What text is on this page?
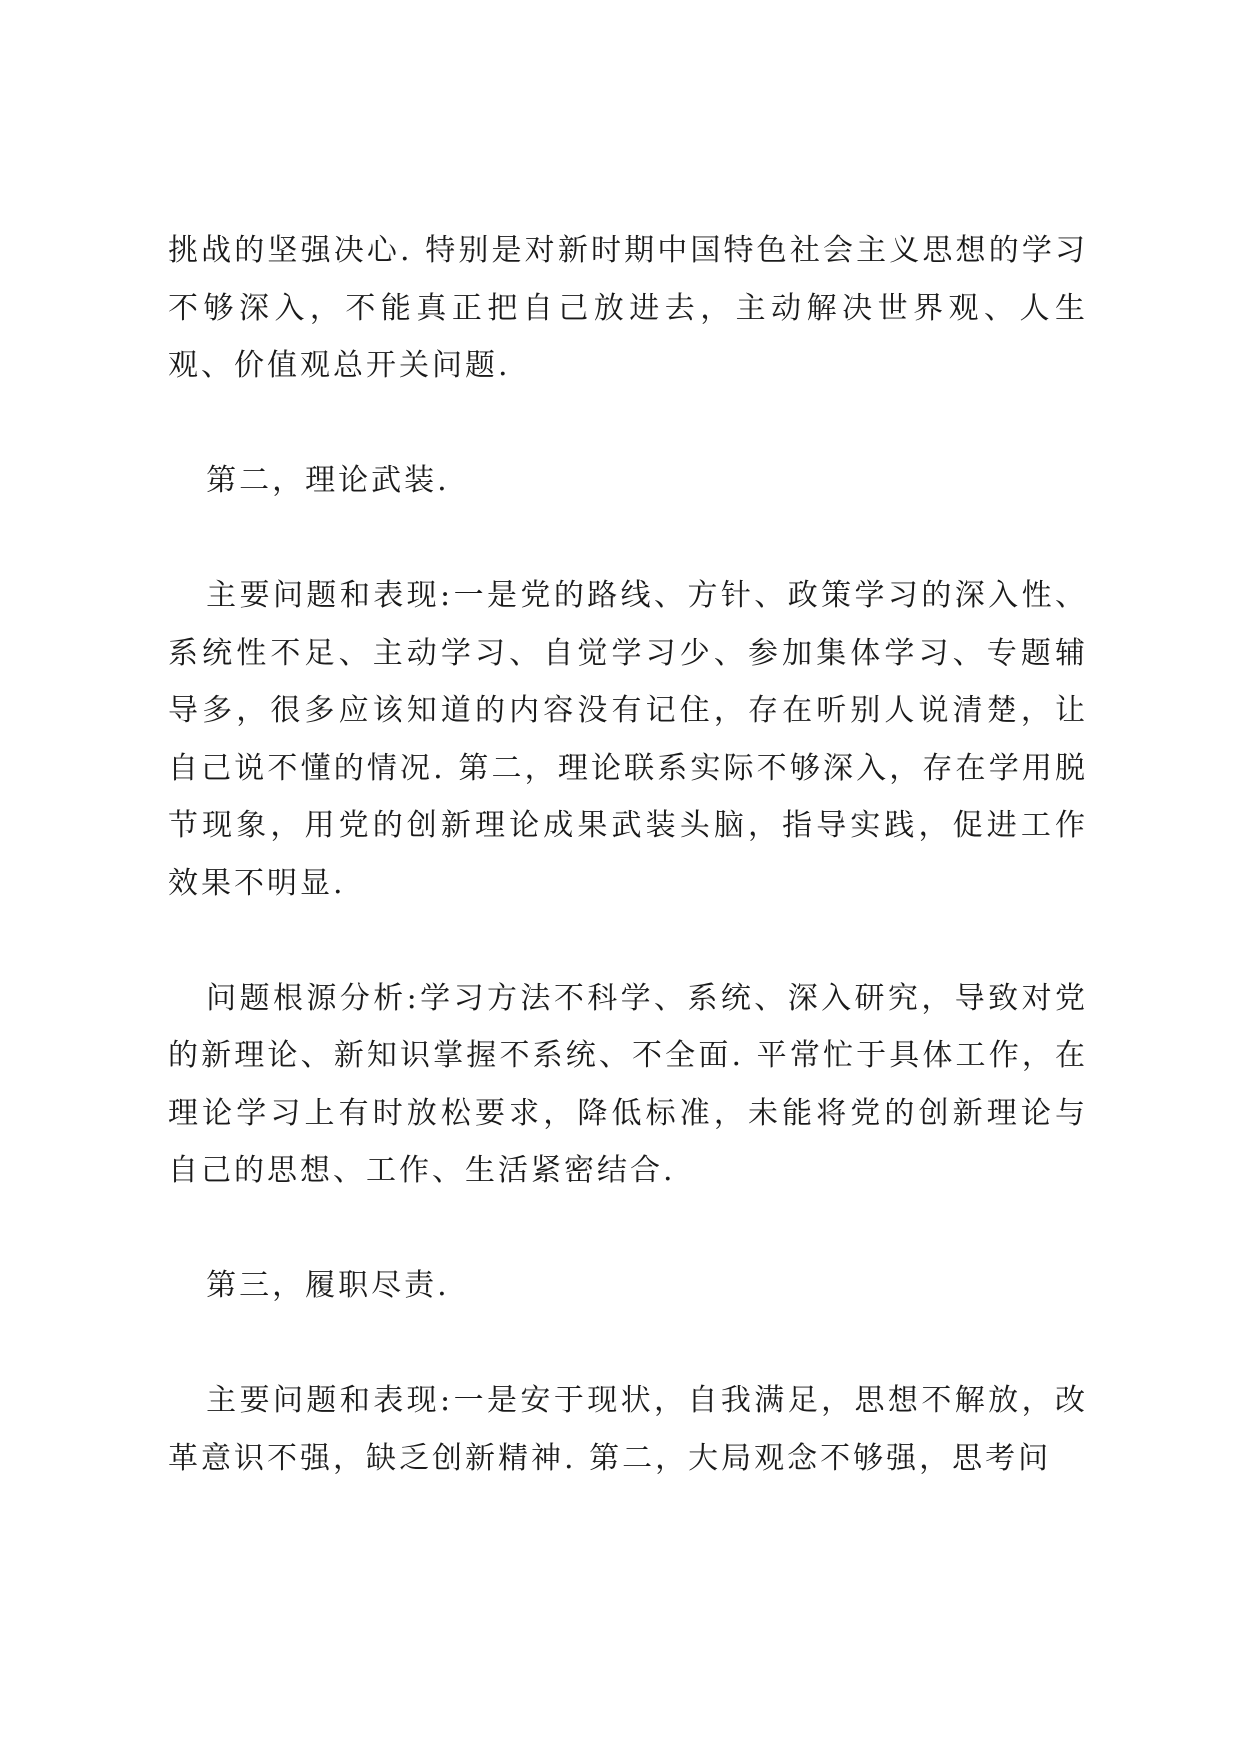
挑战的坚强决心. 特别是对新时期中国特色社会主义思想的学习不够深入，不能真正把自己放进去，主动解决世界观、人生观、价值观总开关问题.

第二，理论武装.

主要问题和表现:一是党的路线、方针、政策学习的深入性、系统性不足、主动学习、自觉学习少、参加集体学习、专题辅导多，很多应该知道的内容没有记住，存在听别人说清楚，让自己说不懂的情况. 第二，理论联系实际不够深入，存在学用脱节现象，用党的创新理论成果武装头脑，指导实践，促进工作效果不明显.

问题根源分析:学习方法不科学、系统、深入研究，导致对党的新理论、新知识掌握不系统、不全面. 平常忙于具体工作，在理论学习上有时放松要求，降低标准，未能将党的创新理论与自己的思想、工作、生活紧密结合.

第三，履职尽责.

主要问题和表现:一是安于现状，自我满足，思想不解放，改革意识不强，缺乏创新精神. 第二，大局观念不够强，思考问
